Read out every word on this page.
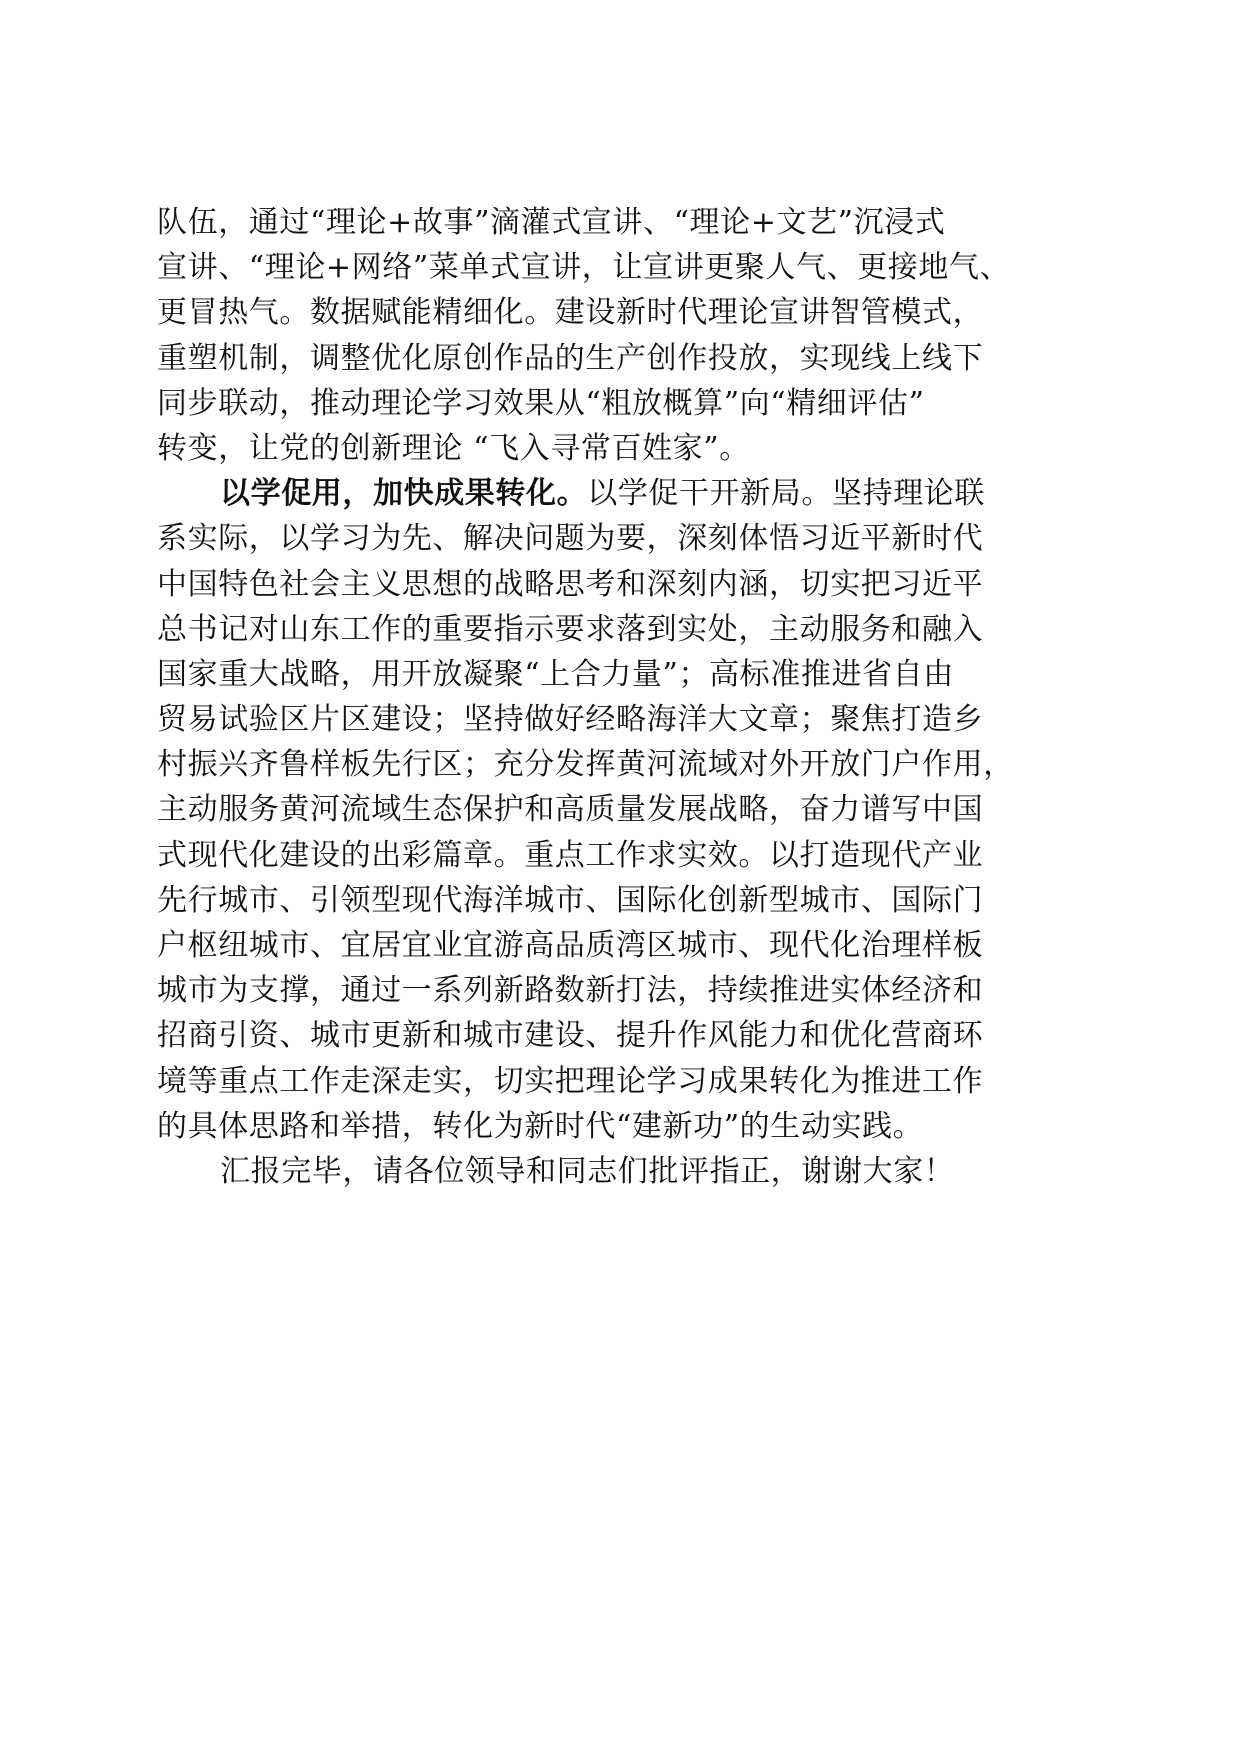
队伍，通过“理论+故事”滴灌式宣讲、“理论+文艺”沉浸式
宣讲、“理论+网络”菜单式宣讲，让宣讲更聚人气、更接地气、
更冒热气。数据赋能精细化。建设新时代理论宣讲智管模式，
重塑机制，调整优化原创作品的生产创作投放，实现线上线下
同步联动，推动理论学习效果从“粗放概算”向“精细评估”
转变，让党的创新理论 “飞入寻常百姓家”。
以学促用，加快成果转化。以学促干开新局。坚持理论联
系实际，以学习为先、解决问题为要，深刻体悟习近平新时代
中国特色社会主义思想的战略思考和深刻内涵，切实把习近平
总书记对山东工作的重要指示要求落到实处，主动服务和融入
国家重大战略，用开放凝聚“上合力量”；高标准推进省自由
贸易试验区片区建设；坚持做好经略海洋大文章；聚焦打造乡
村振兴齐鲁样板先行区；充分发挥黄河流域对外开放门户作用，
主动服务黄河流域生态保护和高质量发展战略，奋力谱写中国
式现代化建设的出彩篇章。重点工作求实效。以打造现代产业
先行城市、引领型现代海洋城市、国际化创新型城市、国际门
户枢纽城市、宜居宜业宜游高品质湾区城市、现代化治理样板
城市为支撑，通过一系列新路数新打法，持续推进实体经济和
招商引资、城市更新和城市建设、提升作风能力和优化营商环
境等重点工作走深走实，切实把理论学习成果转化为推进工作
的具体思路和举措，转化为新时代“建新功”的生动实践。
汇报完毕，请各位领导和同志们批评指正，谢谢大家！
